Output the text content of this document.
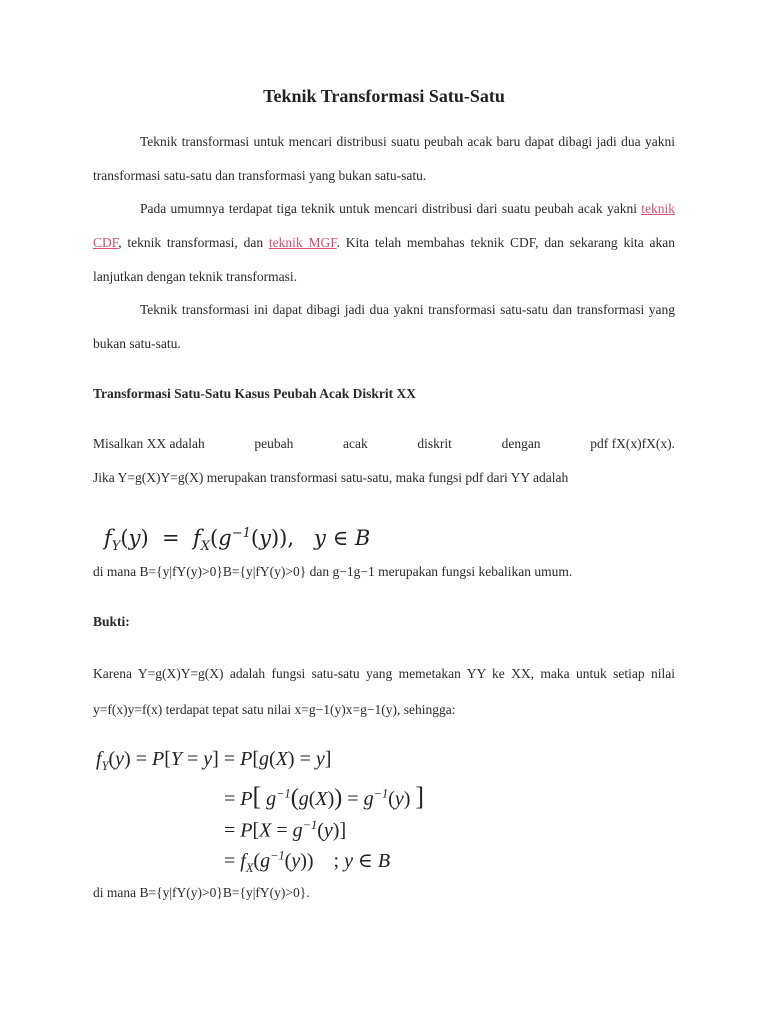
Teknik Transformasi Satu-Satu
Teknik transformasi untuk mencari distribusi suatu peubah acak baru dapat dibagi jadi dua yakni transformasi satu-satu dan transformasi yang bukan satu-satu.
Pada umumnya terdapat tiga teknik untuk mencari distribusi dari suatu peubah acak yakni teknik CDF, teknik transformasi, dan teknik MGF. Kita telah membahas teknik CDF, dan sekarang kita akan lanjutkan dengan teknik transformasi.
Teknik transformasi ini dapat dibagi jadi dua yakni transformasi satu-satu dan transformasi yang bukan satu-satu.
Transformasi Satu-Satu Kasus Peubah Acak Diskrit XX
Misalkan XX adalah	peubah	acak	diskrit	dengan	pdf fX(x)fX(x).
Jika Y=g(X)Y=g(X) merupakan transformasi satu-satu, maka fungsi pdf dari YY adalah
$f_Y(y) = f_X(g^{-1}(y))$,   y ∈ B
di mana B={y|fY(y)>0}B={y|fY(y)>0} dan g−1g−1 merupakan fungsi kebalikan umum.
Bukti:
Karena Y=g(X)Y=g(X) adalah fungsi satu-satu yang memetakan YY ke XX, maka untuk setiap nilai y=f(x)y=f(x) terdapat tepat satu nilai x=g−1(y)x=g−1(y), sehingga:
$f_Y(y) = P[Y = y] = P[g(X) = y]$
= P[ $g^{-1}(g(X)) = g^{-1}(y)$ ]
= $P[X = g^{-1}(y)]$
= $f_X(g^{-1}(y))$ ; y ∈ B
di mana B={y|fY(y)>0}B={y|fY(y)>0}.
